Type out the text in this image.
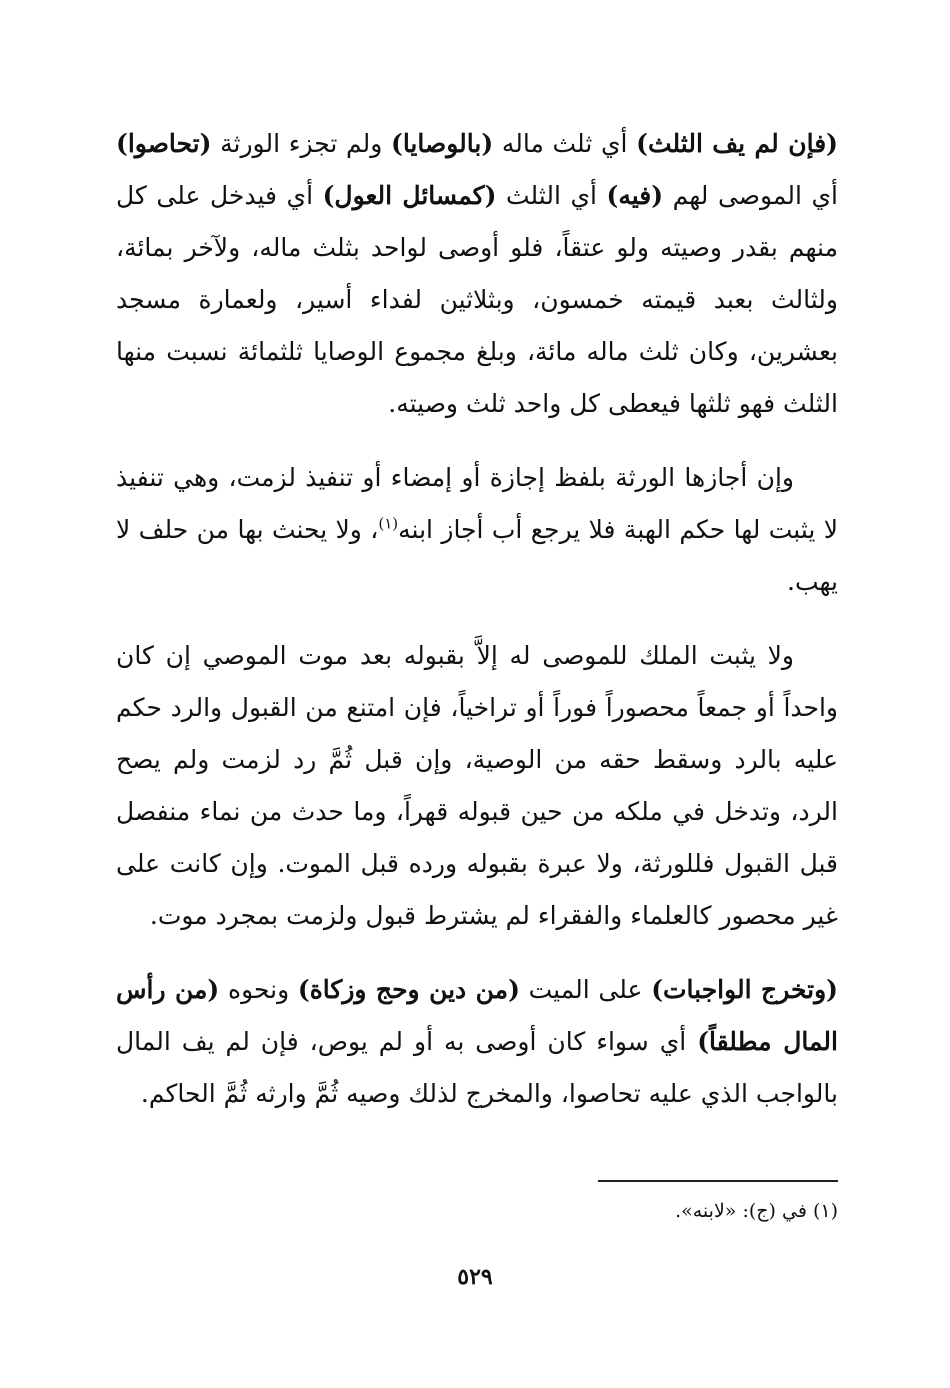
(فإن لم يف الثلث) أي ثلث ماله (بالوصايا) ولم تجزء الورثة (تحاصوا) أي الموصى لهم (فيه) أي الثلث (كمسائل العول) أي فيدخل على كل منهم بقدر وصيته ولو عتقاً، فلو أوصى لواحد بثلث ماله، ولآخر بمائة، ولثالث بعبد قيمته خمسون، وبثلاثين لفداء أسير، ولعمارة مسجد بعشرين، وكان ثلث ماله مائة، وبلغ مجموع الوصايا ثلثمائة نسبت منها الثلث فهو ثلثها فيعطى كل واحد ثلث وصيته.

وإن أجازها الورثة بلفظ إجازة أو إمضاء أو تنفيذ لزمت، وهي تنفيذ لا يثبت لها حكم الهبة فلا يرجع أب أجاز ابنه$^{(١)}$، ولا يحنث بها من حلف لا يهب.

ولا يثبت الملك للموصى له إلاَّ بقبوله بعد موت الموصي إن كان واحداً أو جمعاً محصوراً فوراً أو تراخياً، فإن امتنع من القبول والرد حكم عليه بالرد وسقط حقه من الوصية، وإن قبل ثُمَّ رد لزمت ولم يصح الرد، وتدخل في ملكه من حين قبوله قهراً، وما حدث من نماء منفصل قبل القبول فللورثة، ولا عبرة بقبوله ورده قبل الموت. وإن كانت على غير محصور كالعلماء والفقراء لم يشترط قبول ولزمت بمجرد موت.

(وتخرج الواجبات) على الميت (من دين وحج وزكاة) ونحوه (من رأس المال مطلقاً) أي سواء كان أوصى به أو لم يوص، فإن لم يف المال بالواجب الذي عليه تحاصوا، والمخرج لذلك وصيه ثُمَّ وارثه ثُمَّ الحاكم.

(١) في (ج): «لابنه».
٥٢٩
